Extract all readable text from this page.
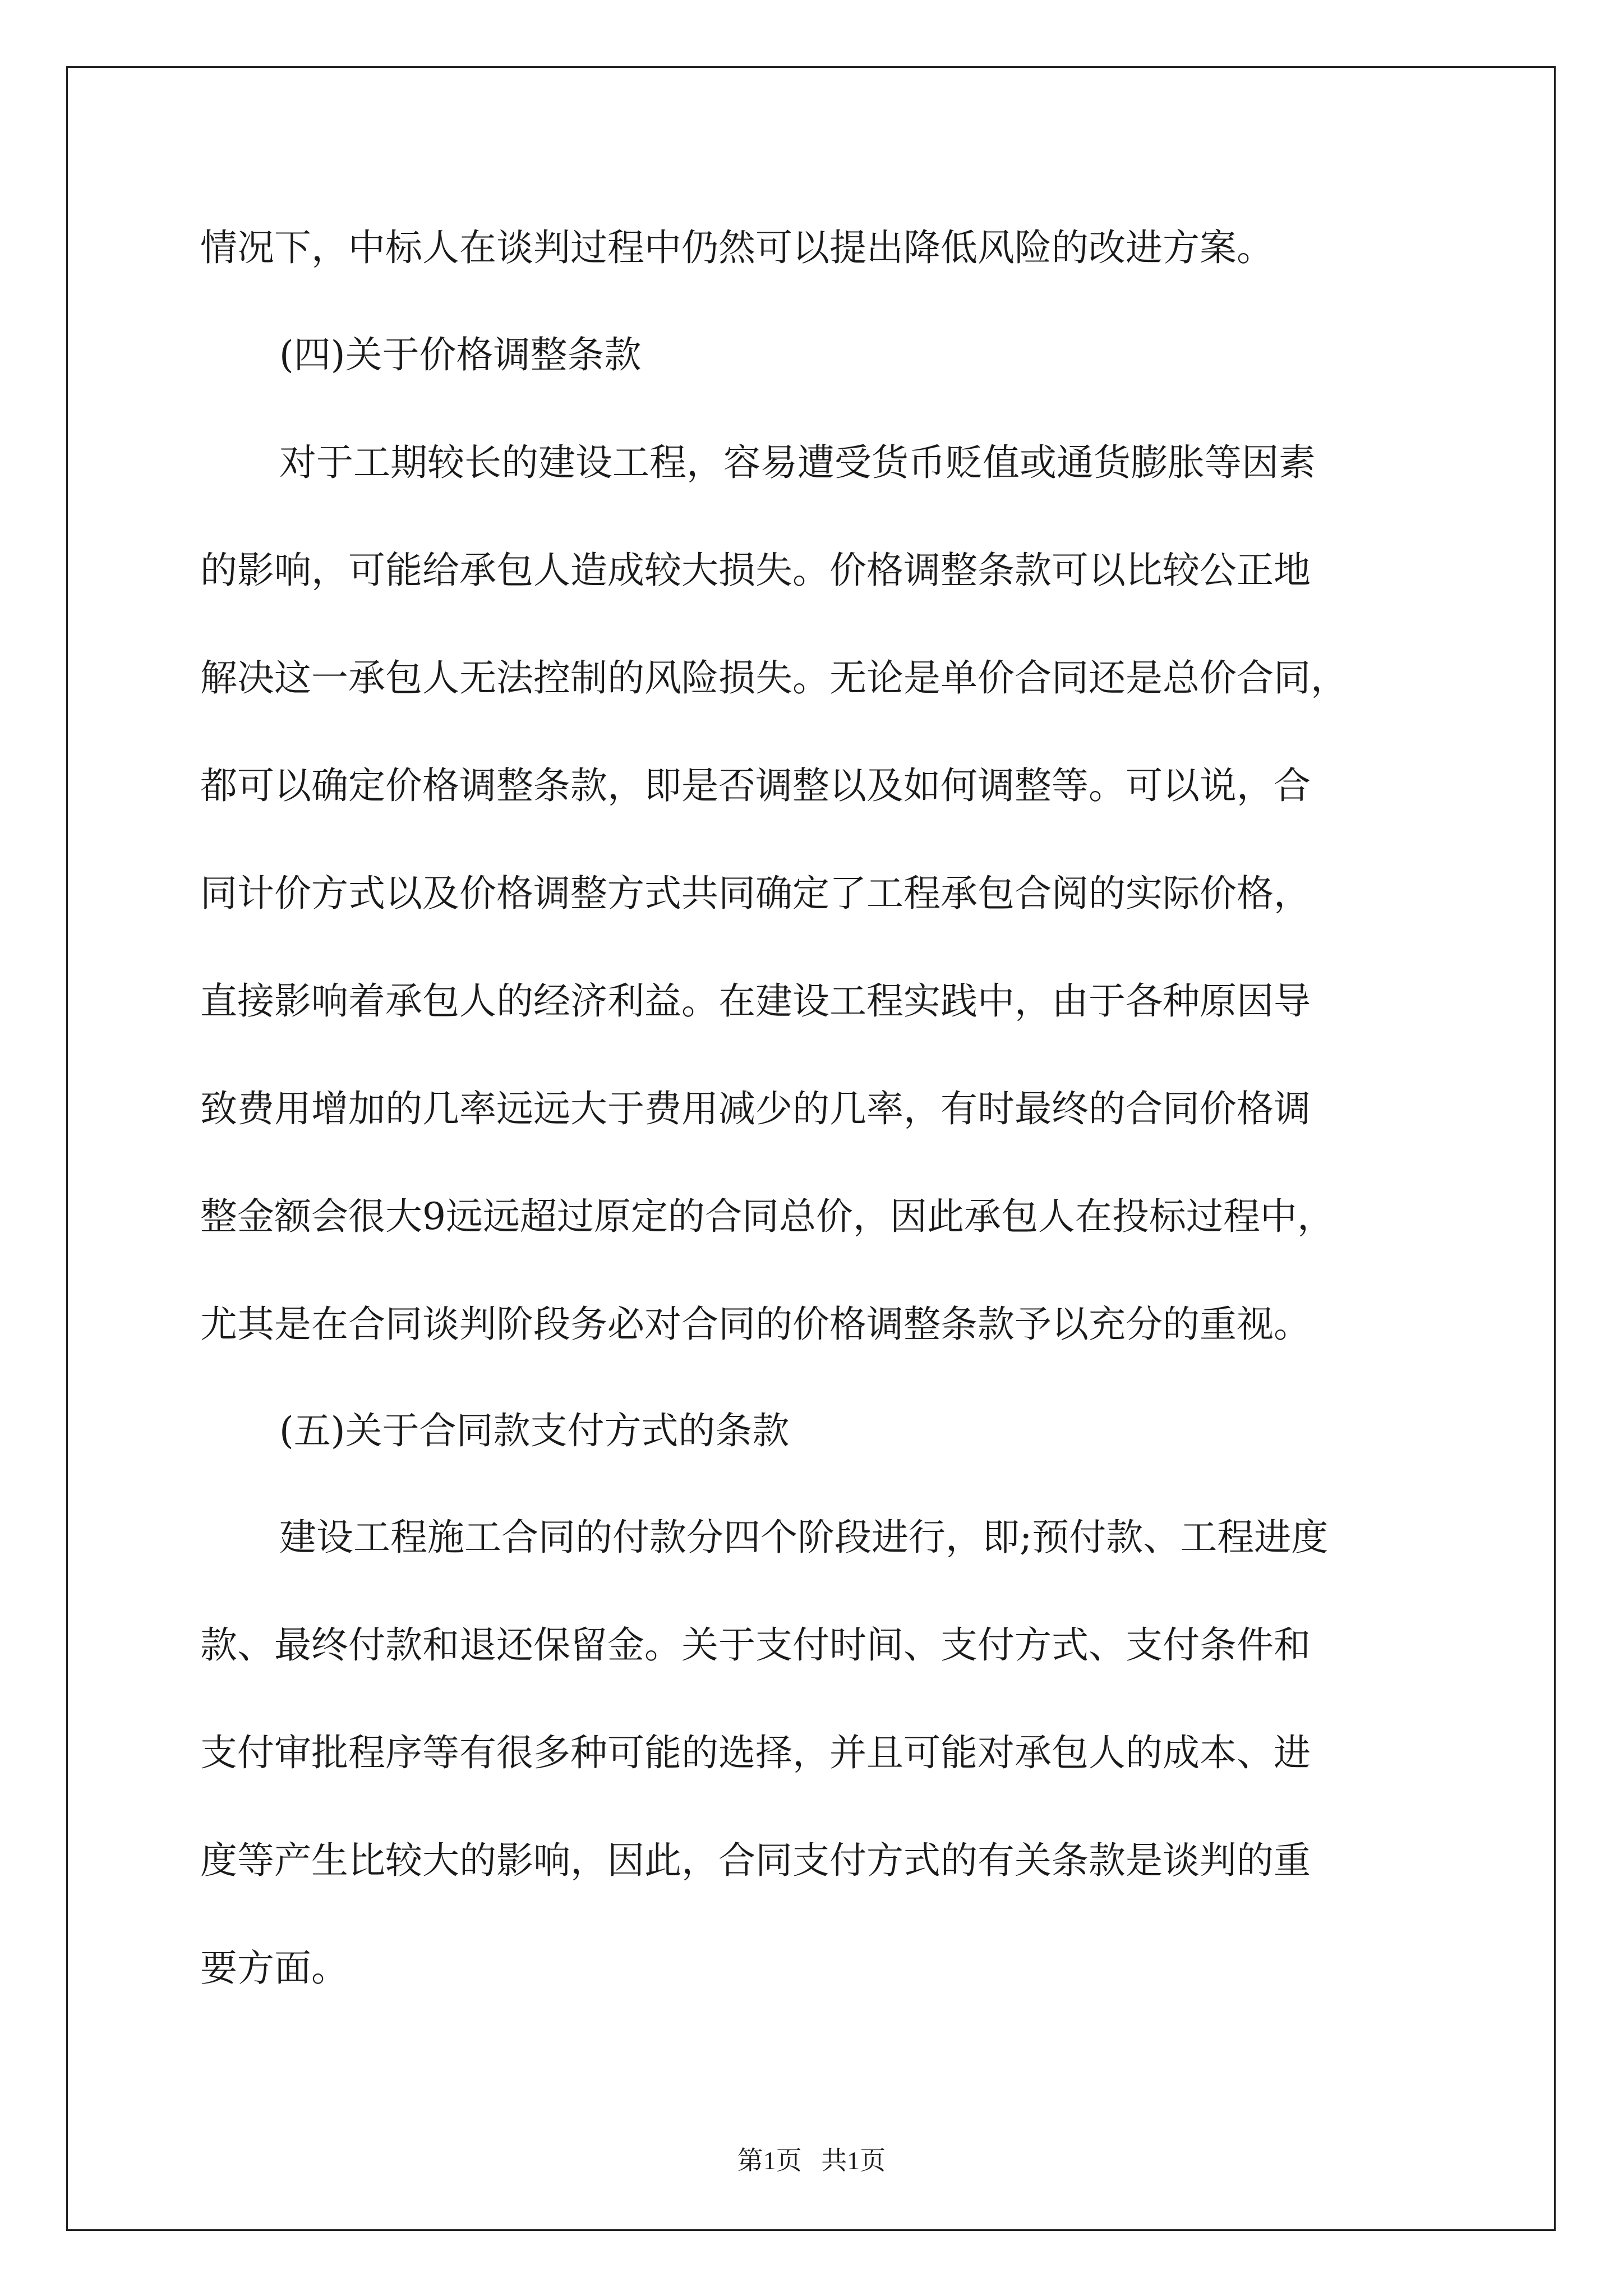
情况下，中标人在谈判过程中仍然可以提出降低风险的改进方案。
(四)关于价格调整条款
对于工期较长的建设工程，容易遭受货币贬值或通货膨胀等因素
的影响，可能给承包人造成较大损失。价格调整条款可以比较公正地
解决这一承包人无法控制的风险损失。无论是单价合同还是总价合同，
都可以确定价格调整条款，即是否调整以及如何调整等。可以说，合
同计价方式以及价格调整方式共同确定了工程承包合阅的实际价格，
直接影响着承包人的经济利益。在建设工程实践中，由于各种原因导
致费用增加的几率远远大于费用减少的几率，有时最终的合同价格调
整金额会很大9远远超过原定的合同总价，因此承包人在投标过程中，
尤其是在合同谈判阶段务必对合同的价格调整条款予以充分的重视。
(五)关于合同款支付方式的条款
建设工程施工合同的付款分四个阶段进行，即;预付款、工程进度
款、最终付款和退还保留金。关于支付时间、支付方式、支付条件和
支付审批程序等有很多种可能的选择，并且可能对承包人的成本、进
度等产生比较大的影响，因此，合同支付方式的有关条款是谈判的重
要方面。
第1页   共1页
